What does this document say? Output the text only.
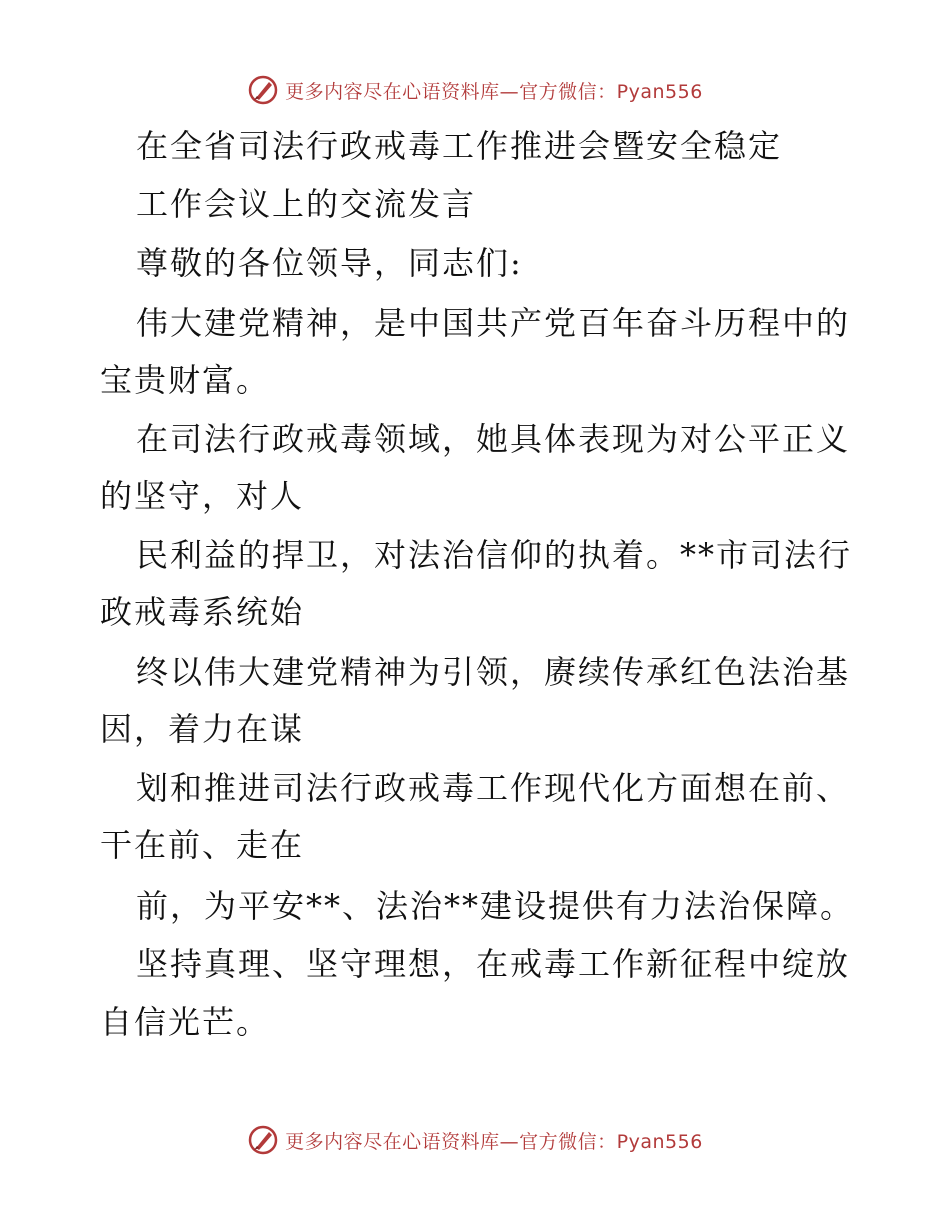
更多内容尽在心语资料库—官方微信：Pyan556
在全省司法行政戒毒工作推进会暨安全稳定
工作会议上的交流发言
尊敬的各位领导，同志们:
伟大建党精神，是中国共产党百年奋斗历程中的
宝贵财富。
在司法行政戒毒领域，她具体表现为对公平正义
的坚守，对人
民利益的捍卫，对法治信仰的执着。**市司法行
政戒毒系统始
终以伟大建党精神为引领，赓续传承红色法治基
因，着力在谋
划和推进司法行政戒毒工作现代化方面想在前、
干在前、走在
前，为平安**、法治**建设提供有力法治保障。
坚持真理、坚守理想，在戒毒工作新征程中绽放
自信光芒。
更多内容尽在心语资料库—官方微信：Pyan556
